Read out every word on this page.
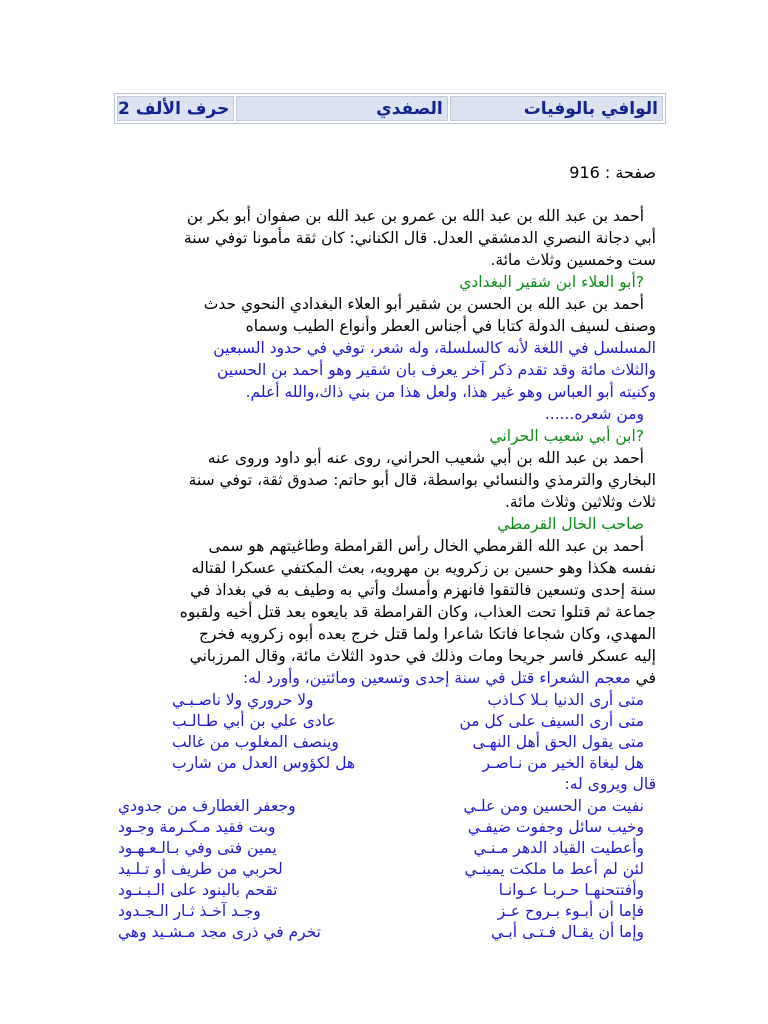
الوافي بالوفيات
الصفدي
حرف الألف 2
صفحة : 916

أحمد بن عبد الله بن عبد الله بن عمرو بن عبد الله بن صفوان أبو بكر بن

أبي دجانة النصري الدمشقي العدل. قال الكناني: كان ثقة مأمونا توفي سنة

ست وخمسين وثلاث مائة.

?أبو العلاء ابن شقير البغدادي

أحمد بن عبد الله بن الحسن بن شقير أبو العلاء البغدادي النحوي حدث

وصنف لسيف الدولة كتابا في أجناس العطر وأنواع الطيب وسماه

المسلسل في اللغة لأنه كالسلسلة، وله شعر، توفي في حدود السبعين

والثلاث مائة وقد تقدم ذكر آخر يعرف بان شقير وهو أحمد بن الحسين

وكنيته أبو العباس وهو غير هذا، ولعل هذا من بني ذاك،والله أعلم.

ومن شعره......

?ابن أبي شعيب الحراني

أحمد بن عبد الله بن أبي شعيب الحراني، روى عنه أبو داود وروى عنه

البخاري والترمذي والنسائي بواسطة، قال أبو حاتم: صدوق ثقة، توفي سنة

ثلاث وثلاثين وثلاث مائة.

صاحب الخال القرمطي

أحمد بن عبد الله القرمطي الخال رأس القرامطة وطاغيتهم هو سمى

نفسه هكذا وهو حسين بن زكرويه بن مهرويه، بعث المكتفي عسكرا لقتاله

سنة إحدى وتسعين فالتقوا فانهزم وأمسك وأتي به وطيف به في بغداذ في

جماعة ثم قتلوا تحت العذاب، وكان القرامطة قد بايعوه بعد قتل أخيه ولقبوه

المهدي، وكان شجاعا فاتكا شاعرا ولما قتل خرج بعده أبوه زكرويه فخرج

إليه عسكر فاسر جريحا ومات وذلك في حدود الثلاث مائة، وقال المرزباني

في معجم الشعراء قتل في سنة إحدى وتسعين ومائتين، وأورد له:

متى أرى الدنيا بـلا كـاذب
ولا حروري ولا ناصـبـي
متى أرى السيف على كل من
عادى علي بن أبي طـالـب
متى يقول الحق أهل النهـى
وينصف المغلوب من غالب
هل لبغاة الخير من نـاصـر
هل لكؤوس العدل من شارب

قال ويروى له:

نفيت من الحسين ومن علـي
وجعفر الغطارف من جدودي
وخيب سائل وجفوت ضيفـي
وبت فقيد مـكـرمة وجـود
وأعطيت القياد الدهر مـنـي
يمين فتى وفي بـالـعـهـود
لئن لم أعط ما ملكت يمينـي
لحربي من طريف أو تـلـيد
وأفتتحنهـا حـربـا عـوانـا
تقحم بالبنود على الـبـنـود
فإما أن أبـوء بـروح عـز
وجـد آخـذ ثـار الـجـدود
وإما أن يقـال فـتـى أبـي
تخرم في ذرى مجد مـشـيد وهي
